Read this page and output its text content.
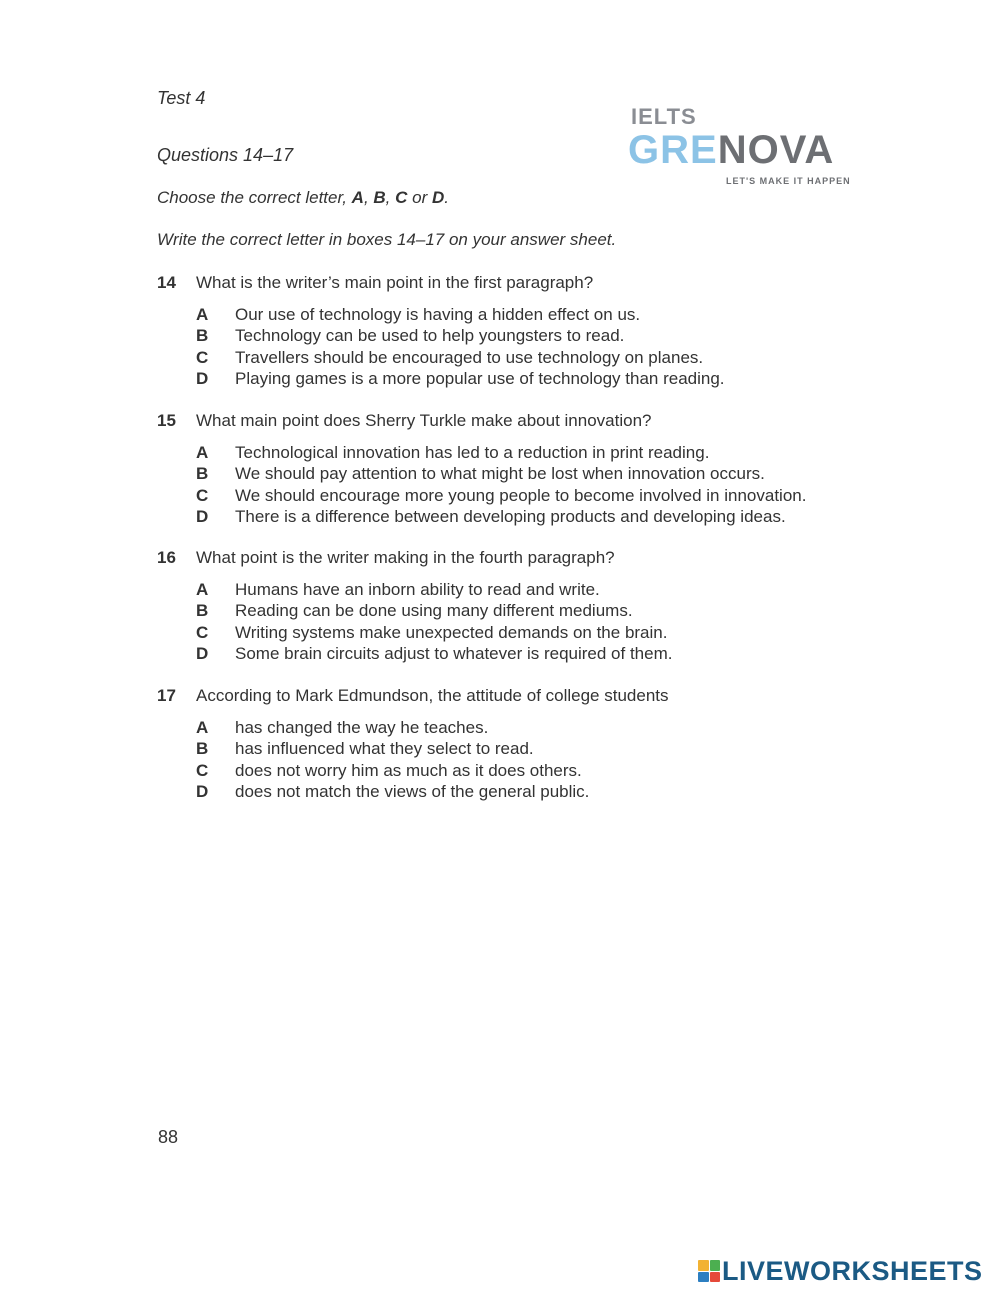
Test 4
IELTS
GRENOVA
LET'S MAKE IT HAPPEN
Questions 14–17
Choose the correct letter, A, B, C or D.
Write the correct letter in boxes 14–17 on your answer sheet.
14	What is the writer’s main point in the first paragraph?
A	Our use of technology is having a hidden effect on us.
B	Technology can be used to help youngsters to read.
C	Travellers should be encouraged to use technology on planes.
D	Playing games is a more popular use of technology than reading.
15	What main point does Sherry Turkle make about innovation?
A	Technological innovation has led to a reduction in print reading.
B	We should pay attention to what might be lost when innovation occurs.
C	We should encourage more young people to become involved in innovation.
D	There is a difference between developing products and developing ideas.
16	What point is the writer making in the fourth paragraph?
A	Humans have an inborn ability to read and write.
B	Reading can be done using many different mediums.
C	Writing systems make unexpected demands on the brain.
D	Some brain circuits adjust to whatever is required of them.
17	According to Mark Edmundson, the attitude of college students
A	has changed the way he teaches.
B	has influenced what they select to read.
C	does not worry him as much as it does others.
D	does not match the views of the general public.
88
LIVEWORKSHEETS
